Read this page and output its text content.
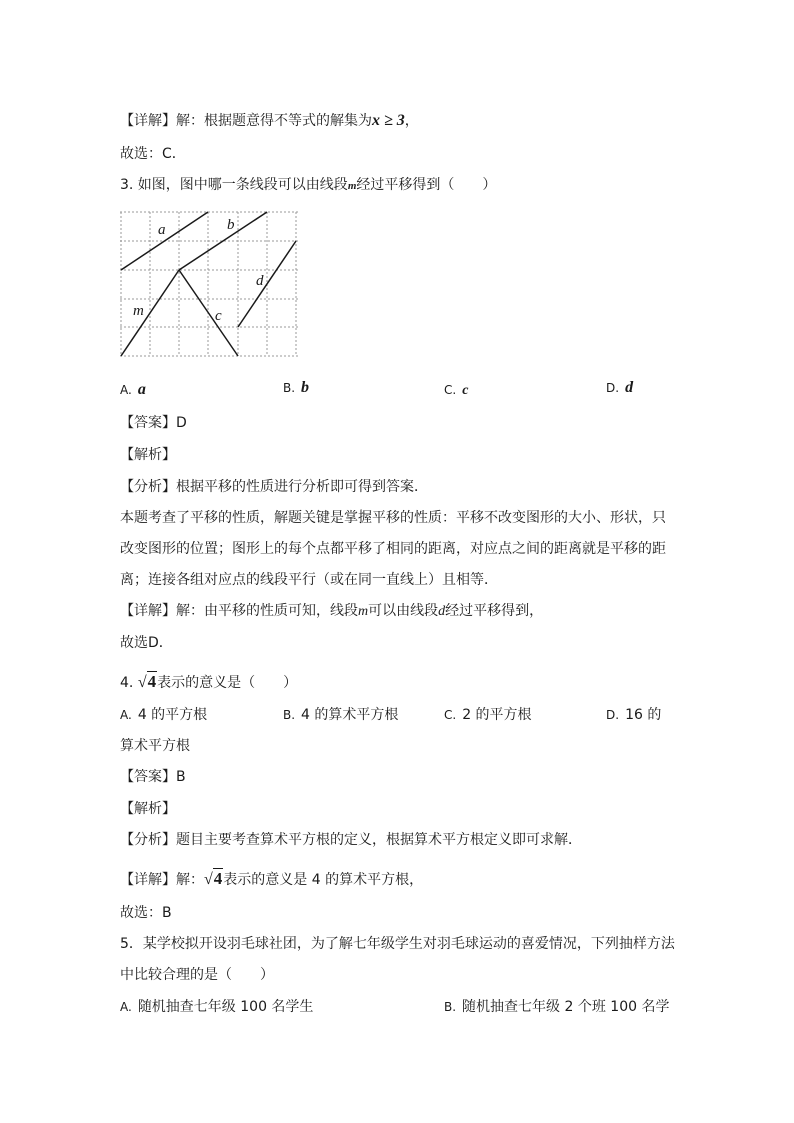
【详解】解：根据题意得不等式的解集为x ≥ 3，
故选：C．
3. 如图，图中哪一条线段可以由线段m经过平移得到（　　）
a	b
c
d
m
A. a	B. b	C. c	D. d
【答案】D
【解析】
【分析】根据平移的性质进行分析即可得到答案．
本题考查了平移的性质，解题关键是掌握平移的性质：平移不改变图形的大小、形状，只
改变图形的位置；图形上的每个点都平移了相同的距离，对应点之间的距离就是平移的距
离；连接各组对应点的线段平行（或在同一直线上）且相等．
【详解】解：由平移的性质可知，线段m可以由线段d经过平移得到，
故选D．
4. √4表示的意义是（　　）
A. 4 的平方根	B. 4 的算术平方根	C. 2 的平方根	D. 16 的
算术平方根
【答案】B
【解析】
【分析】题目主要考查算术平方根的定义，根据算术平方根定义即可求解．
【详解】解：√4表示的意义是 4 的算术平方根，
故选：B
5．某学校拟开设羽毛球社团，为了解七年级学生对羽毛球运动的喜爱情况，下列抽样方法
中比较合理的是（　　）
A. 随机抽查七年级 100 名学生	B. 随机抽查七年级 2 个班 100 名学
